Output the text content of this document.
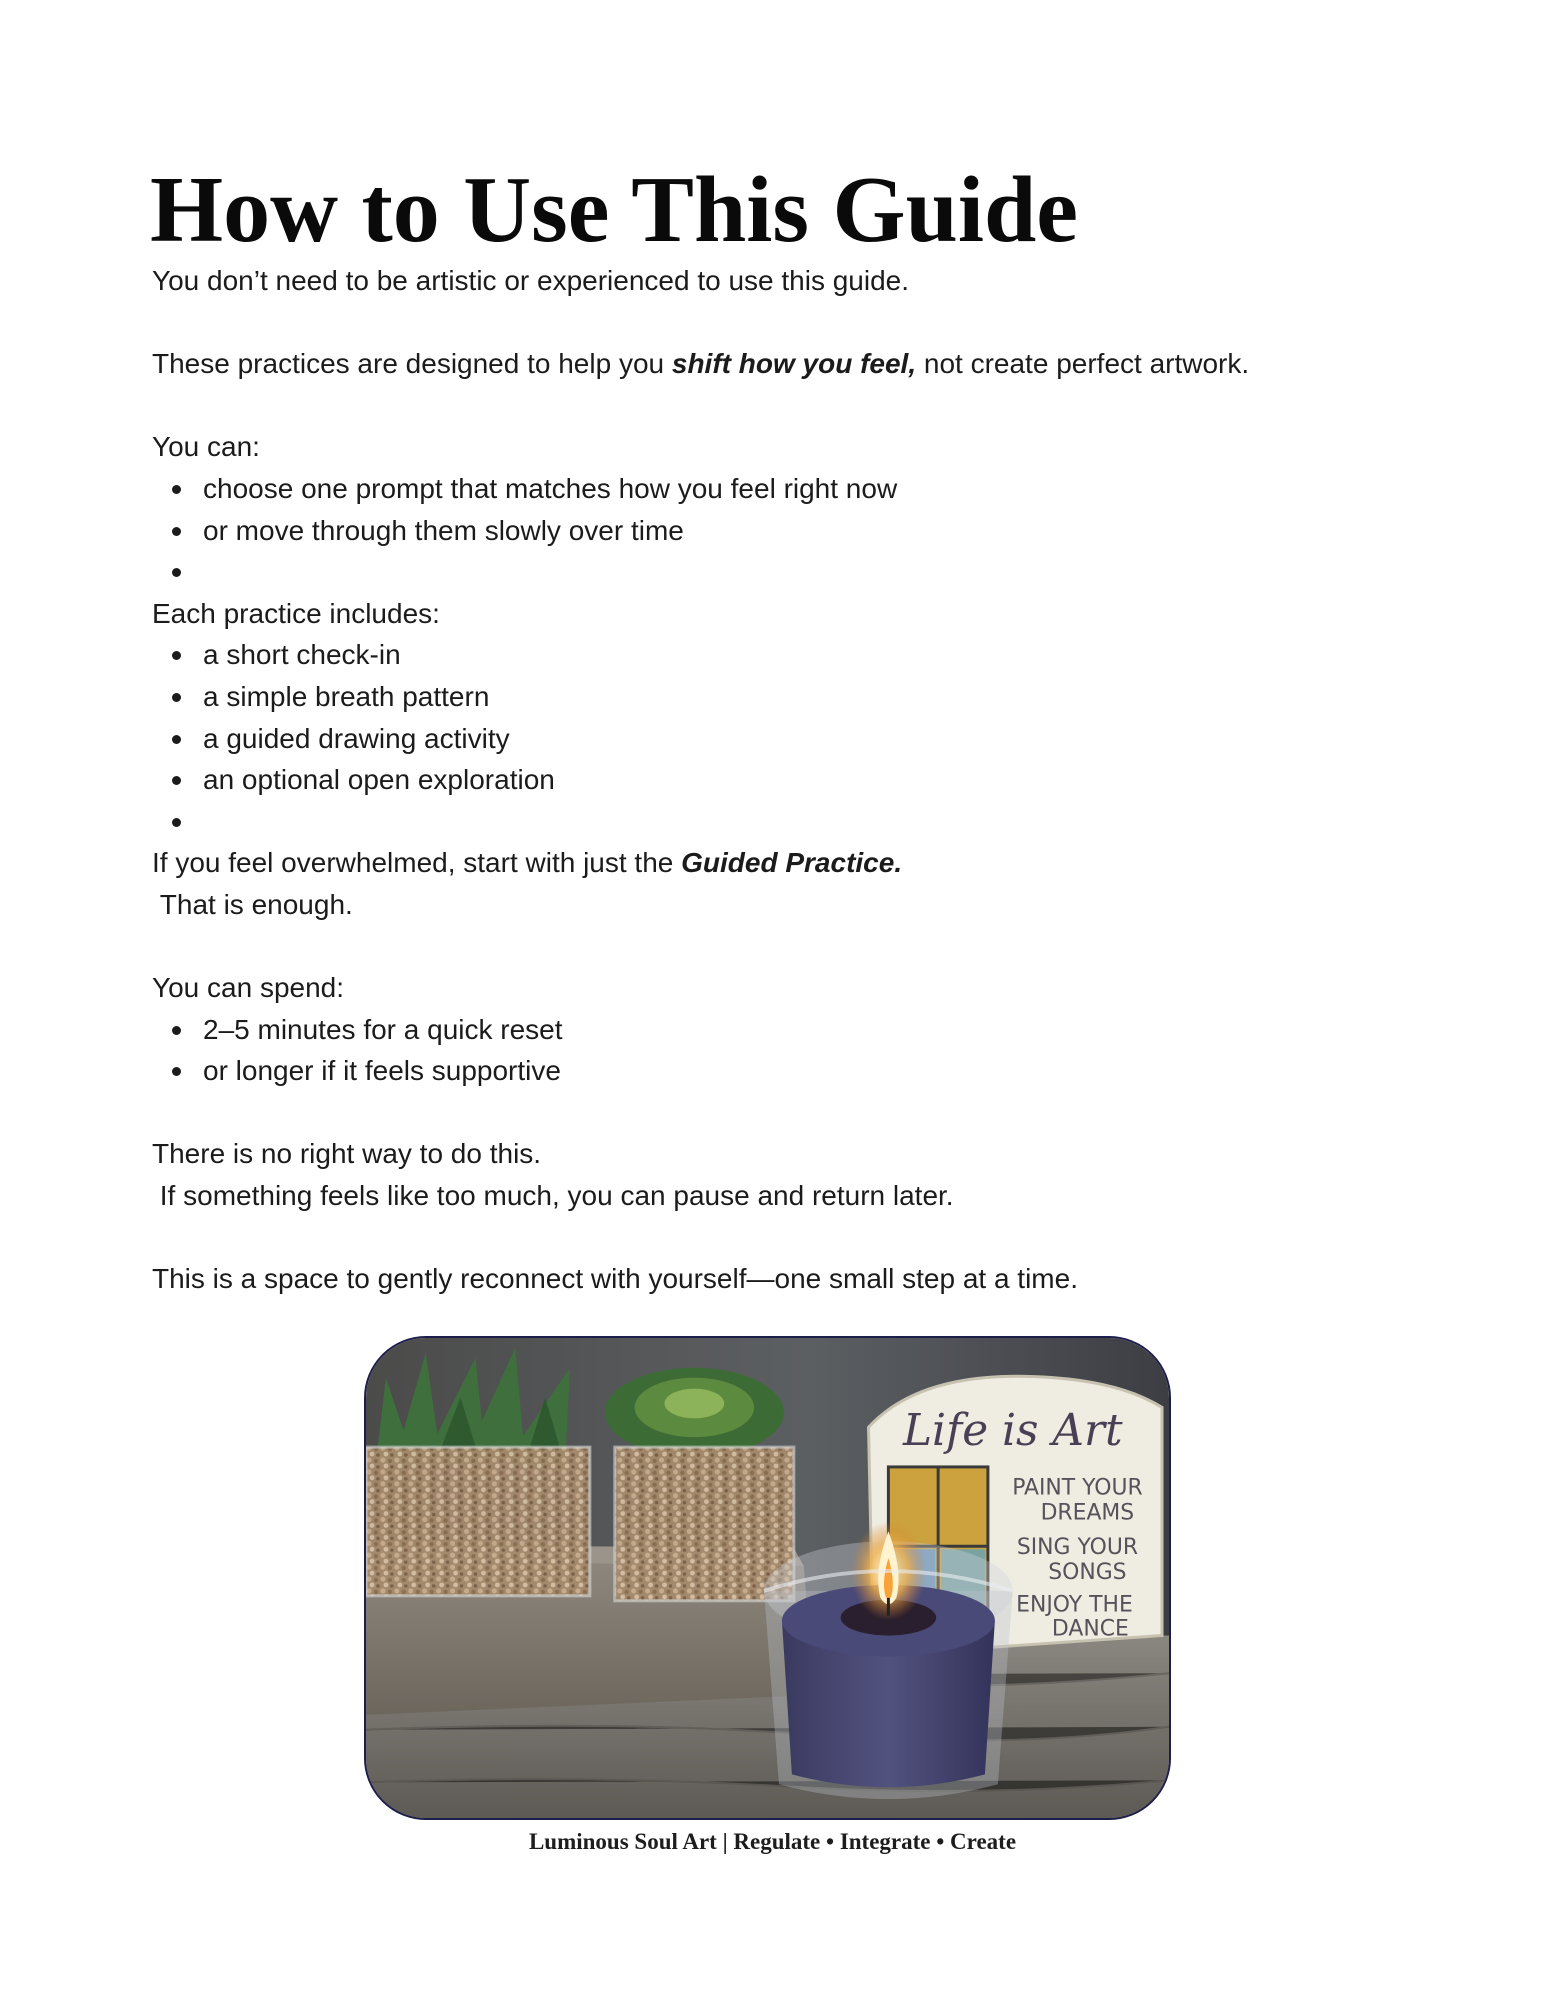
How to Use This Guide

You don’t need to be artistic or experienced to use this guide.

These practices are designed to help you shift how you feel, not create perfect artwork.

You can:

choose one prompt that matches how you feel right now
or move through them slowly over time

Each practice includes:

a short check-in
a simple breath pattern
a guided drawing activity
an optional open exploration

If you feel overwhelmed, start with just the Guided Practice.

That is enough.

You can spend:

2–5 minutes for a quick reset
or longer if it feels supportive

There is no right way to do this.

If something feels like too much, you can pause and return later.

This is a space to gently reconnect with yourself—one small step at a time.

Life is Art
PAINT YOUR
DREAMS
SING YOUR
SONGS
ENJOY THE
DANCE
Luminous Soul Art | Regulate • Integrate • Create
